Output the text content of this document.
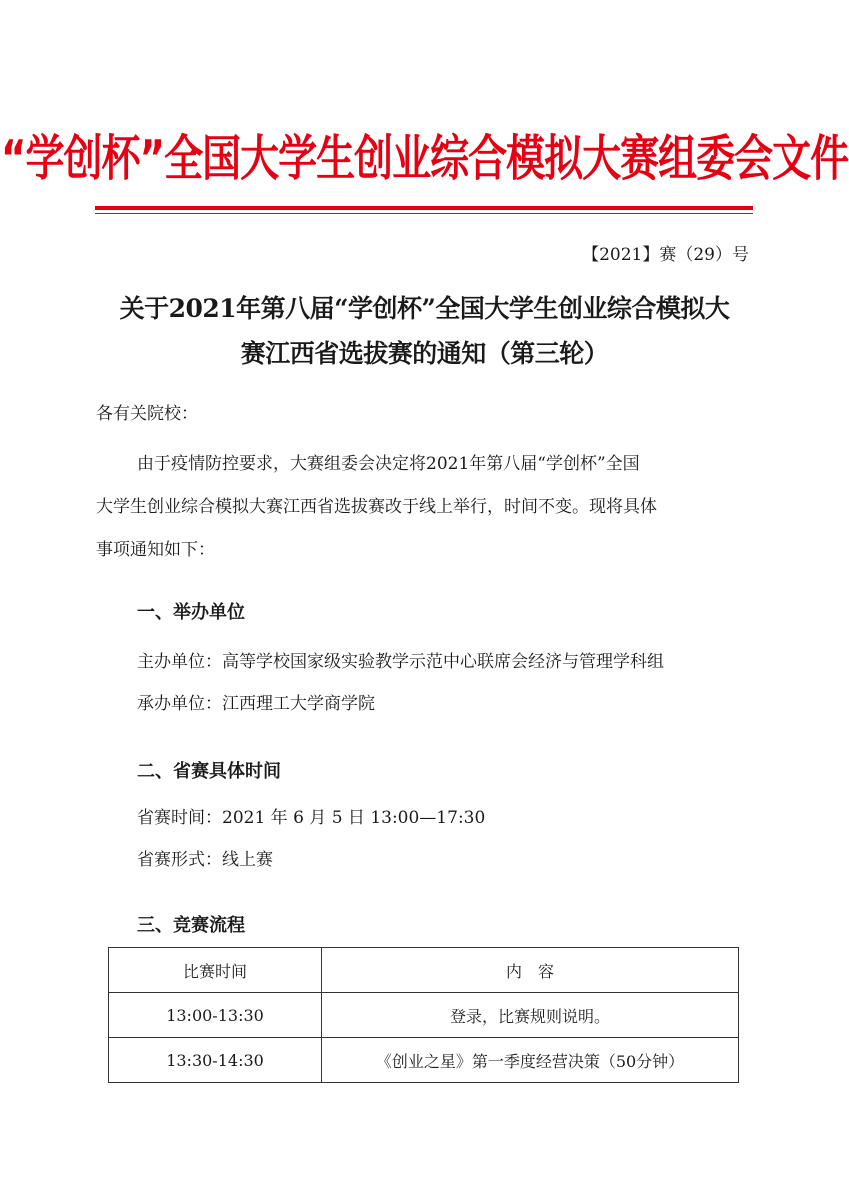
“学创杯”全国大学生创业综合模拟大赛组委会文件
【2021】赛（29）号
关于2021年第八届“学创杯”全国大学生创业综合模拟大
赛江西省选拔赛的通知（第三轮）
各有关院校：
由于疫情防控要求，大赛组委会决定将2021年第八届“学创杯”全国
大学生创业综合模拟大赛江西省选拔赛改于线上举行，时间不变。现将具体
事项通知如下：
一、举办单位
主办单位：高等学校国家级实验教学示范中心联席会经济与管理学科组
承办单位：江西理工大学商学院
二、省赛具体时间
省赛时间：2021 年 6 月 5 日 13:00—17:30
省赛形式：线上赛
三、竞赛流程
比赛时间	内　容
13:00-13:30	登录，比赛规则说明。
13:30-14:30	《创业之星》第一季度经营决策（50分钟）
